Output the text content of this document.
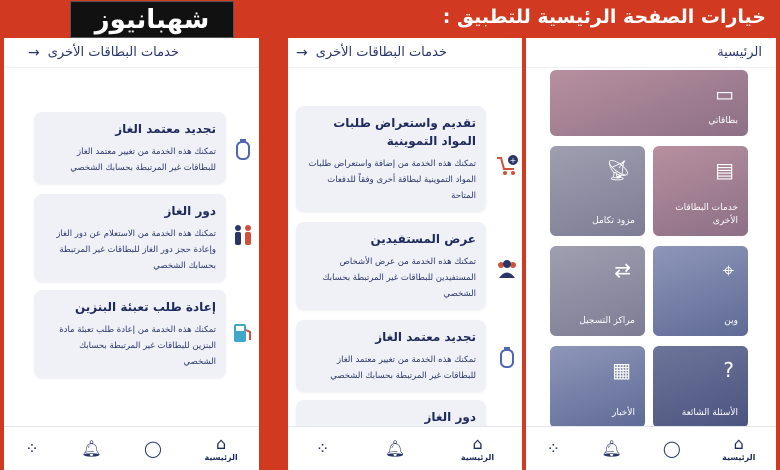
شهبانيوز	خيارات الصفحة الرئيسية للتطبيق :
→ خدمات البطاقات الأخرى
تجديد معتمد الغاز
تمكنك هذه الخدمة من تغيير معتمد الغاز للبطاقات غير المرتبطة بحسابك الشخصي
دور الغاز
تمكنك هذه الخدمة من الاستعلام عن دور الغاز وإعادة حجز دور الغاز للبطاقات غير المرتبطة بحسابك الشخصي
إعادة طلب تعبئة البنزين
تمكنك هذه الخدمة من إعادة طلب تعبئة مادة البنزين للبطاقات غير المرتبطة بحسابك الشخصي
⁘	🔔︎	◯	⌂
الرئيسية
→ خدمات البطاقات الأخرى
تقديم واستعراض طلبات المواد التموينية
تمكنك هذه الخدمة من إضافة واستعراض طلبات المواد التموينية لبطاقة أخرى وفقاً للدفعات المتاحة
+
عرض المستفيدين
تمكنك هذه الخدمة من عرض الأشخاص المستفيدين للبطاقات غير المرتبطة بحسابك الشخصي
تجديد معتمد الغاز
تمكنك هذه الخدمة من تغيير معتمد الغاز للبطاقات غير المرتبطة بحسابك الشخصي
دور الغاز
⁘	🔔︎	⌂
الرئيسية
الرئيسية
▭
بطاقاتي
▤
خدمات البطاقات الأخرى
📡︎
مزود تكامل
⌖
وين
⇄
مراكز التسجيل
?
الأسئلة الشائعة
▦
الأخبار
⁘	🔔︎	◯	⌂
الرئيسية
